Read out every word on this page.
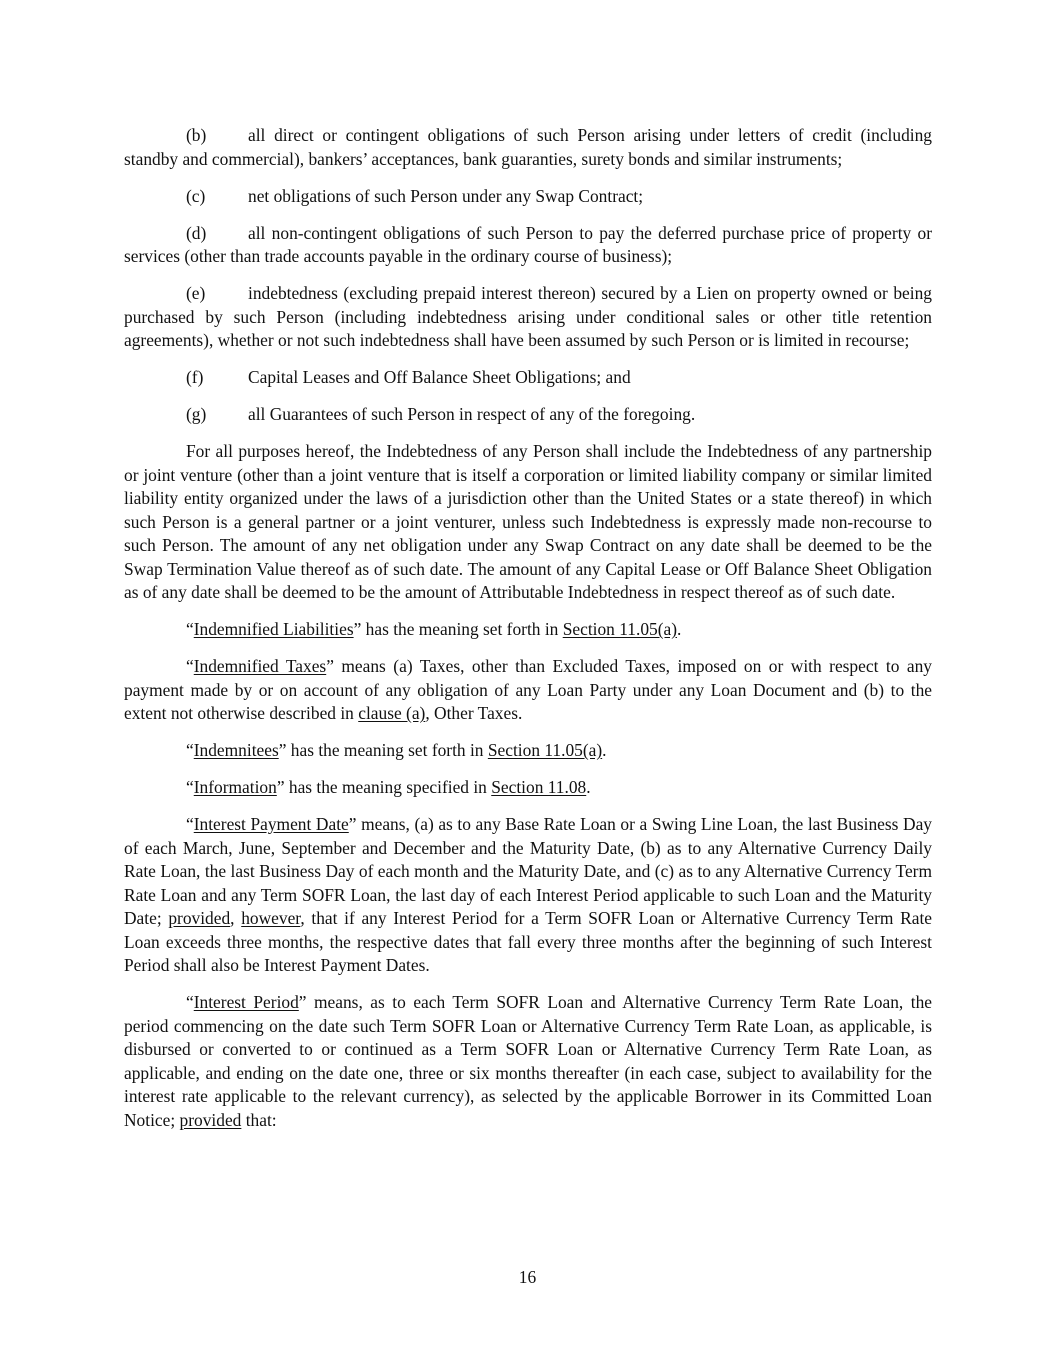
(b) all direct or contingent obligations of such Person arising under letters of credit (including standby and commercial), bankers’ acceptances, bank guaranties, surety bonds and similar instruments;

(c) net obligations of such Person under any Swap Contract;

(d) all non-contingent obligations of such Person to pay the deferred purchase price of property or services (other than trade accounts payable in the ordinary course of business);

(e) indebtedness (excluding prepaid interest thereon) secured by a Lien on property owned or being purchased by such Person (including indebtedness arising under conditional sales or other title retention agreements), whether or not such indebtedness shall have been assumed by such Person or is limited in recourse;

(f)	Capital Leases and Off Balance Sheet Obligations; and

(g) all Guarantees of such Person in respect of any of the foregoing.

For all purposes hereof, the Indebtedness of any Person shall include the Indebtedness of any partnership or joint venture (other than a joint venture that is itself a corporation or limited liability company or similar limited liability entity organized under the laws of a jurisdiction other than the United States or a state thereof) in which such Person is a general partner or a joint venturer, unless such Indebtedness is expressly made non-recourse to such Person. The amount of any net obligation under any Swap Contract on any date shall be deemed to be the Swap Termination Value thereof as of such date. The amount of any Capital Lease or Off Balance Sheet Obligation as of any date shall be deemed to be the amount of Attributable Indebtedness in respect thereof as of such date.

“Indemnified Liabilities” has the meaning set forth in Section 11.05(a).

“Indemnified Taxes” means (a) Taxes, other than Excluded Taxes, imposed on or with respect to any payment made by or on account of any obligation of any Loan Party under any Loan Document and (b) to the extent not otherwise described in clause (a), Other Taxes.

“Indemnitees” has the meaning set forth in Section 11.05(a).

“Information” has the meaning specified in Section 11.08.

“Interest Payment Date” means, (a) as to any Base Rate Loan or a Swing Line Loan, the last Business Day of each March, June, September and December and the Maturity Date, (b) as to any Alternative Currency Daily Rate Loan, the last Business Day of each month and the Maturity Date, and (c) as to any Alternative Currency Term Rate Loan and any Term SOFR Loan, the last day of each Interest Period applicable to such Loan and the Maturity Date; provided, however, that if any Interest Period for a Term SOFR Loan or Alternative Currency Term Rate Loan exceeds three months, the respective dates that fall every three months after the beginning of such Interest Period shall also be Interest Payment Dates.

“Interest Period” means, as to each Term SOFR Loan and Alternative Currency Term Rate Loan, the period commencing on the date such Term SOFR Loan or Alternative Currency Term Rate Loan, as applicable, is disbursed or converted to or continued as a Term SOFR Loan or Alternative Currency Term Rate Loan, as applicable, and ending on the date one, three or six months thereafter (in each case, subject to availability for the interest rate applicable to the relevant currency), as selected by the applicable Borrower in its Committed Loan Notice; provided that:

16
